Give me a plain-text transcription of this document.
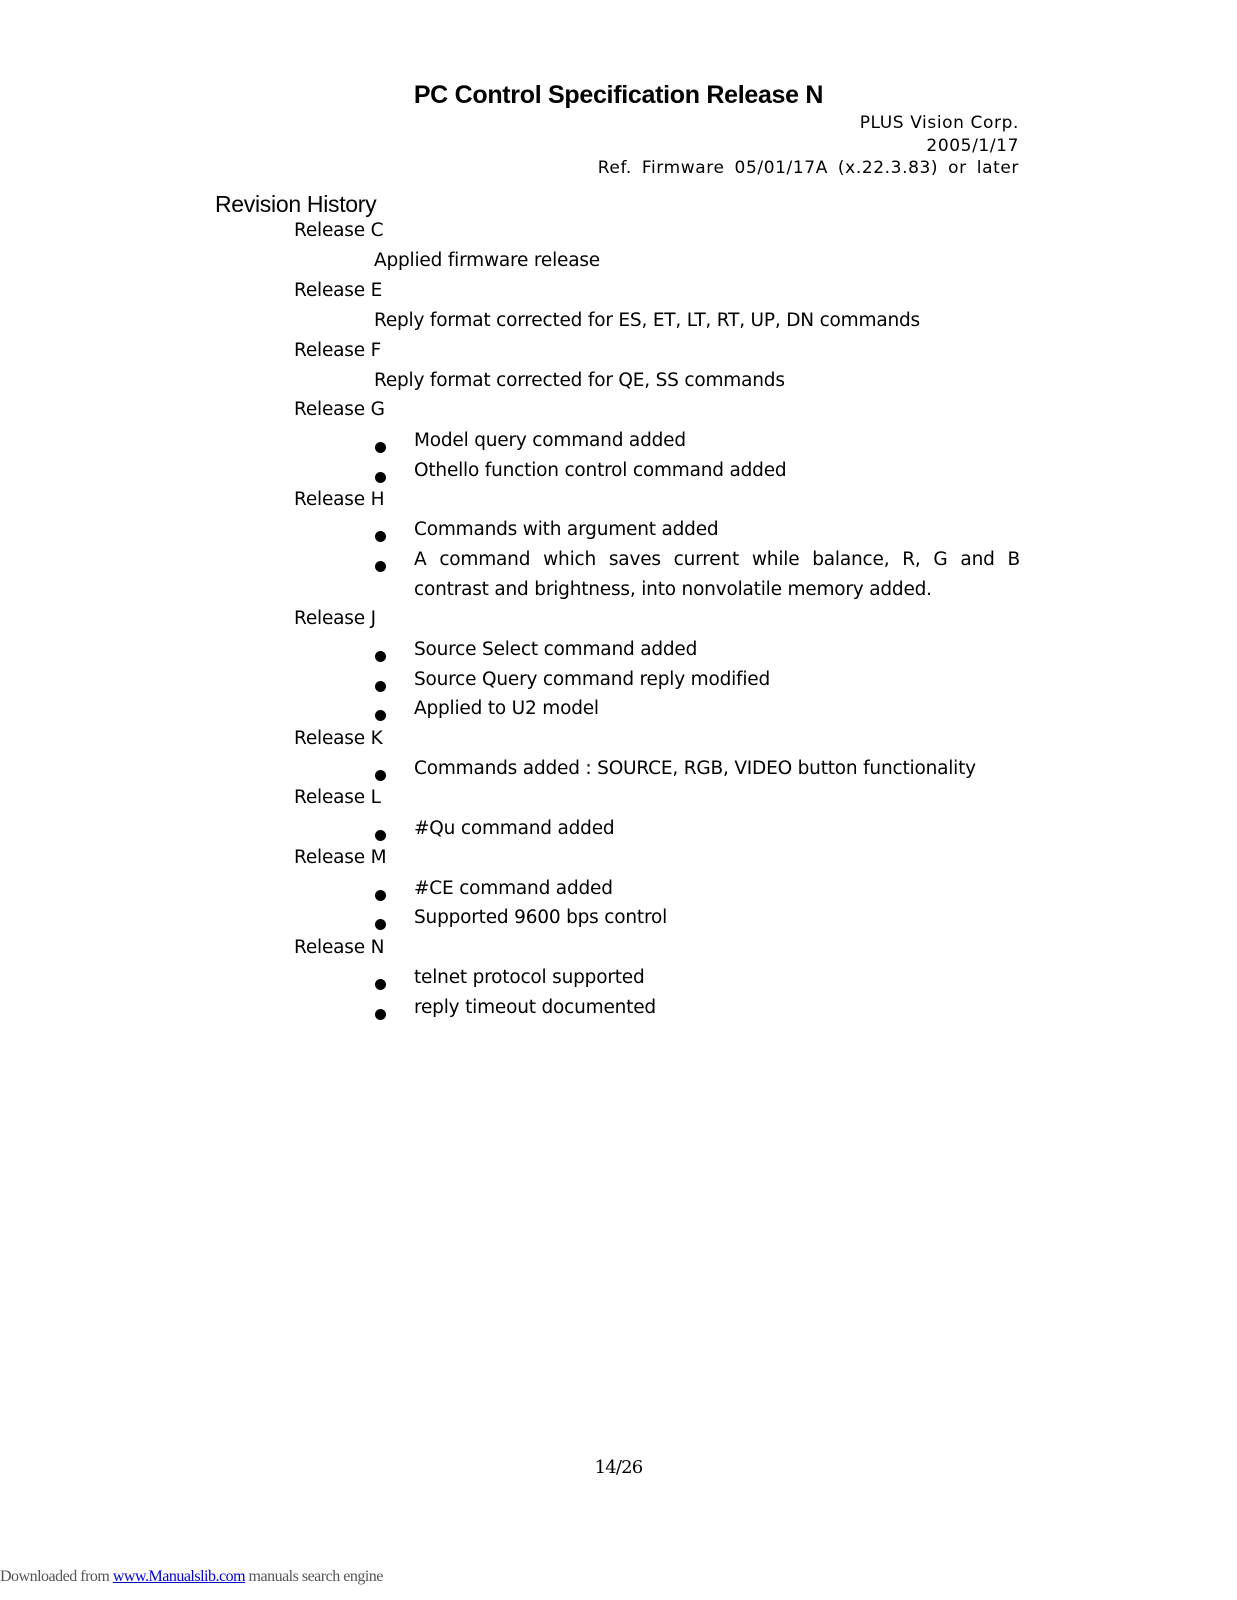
PC Control Specification Release N
PLUS Vision Corp.
2005/1/17
Ref. Firmware 05/01/17A (x.22.3.83) or later
Revision History
Release C
Applied firmware release
Release E
Reply format corrected for ES, ET, LT, RT, UP, DN commands
Release F
Reply format corrected for QE, SS commands
Release G
Model query command added
Othello function control command added
Release H
Commands with argument added
A command which saves current while balance, R, G and B
contrast and brightness, into nonvolatile memory added.
Release J
Source Select command added
Source Query command reply modified
Applied to U2 model
Release K
Commands added : SOURCE, RGB, VIDEO button functionality
Release L
#Qu command added
Release M
#CE command added
Supported 9600 bps control
Release N
telnet protocol supported
reply timeout documented
14/26
Downloaded from www.Manualslib.com manuals search engine
